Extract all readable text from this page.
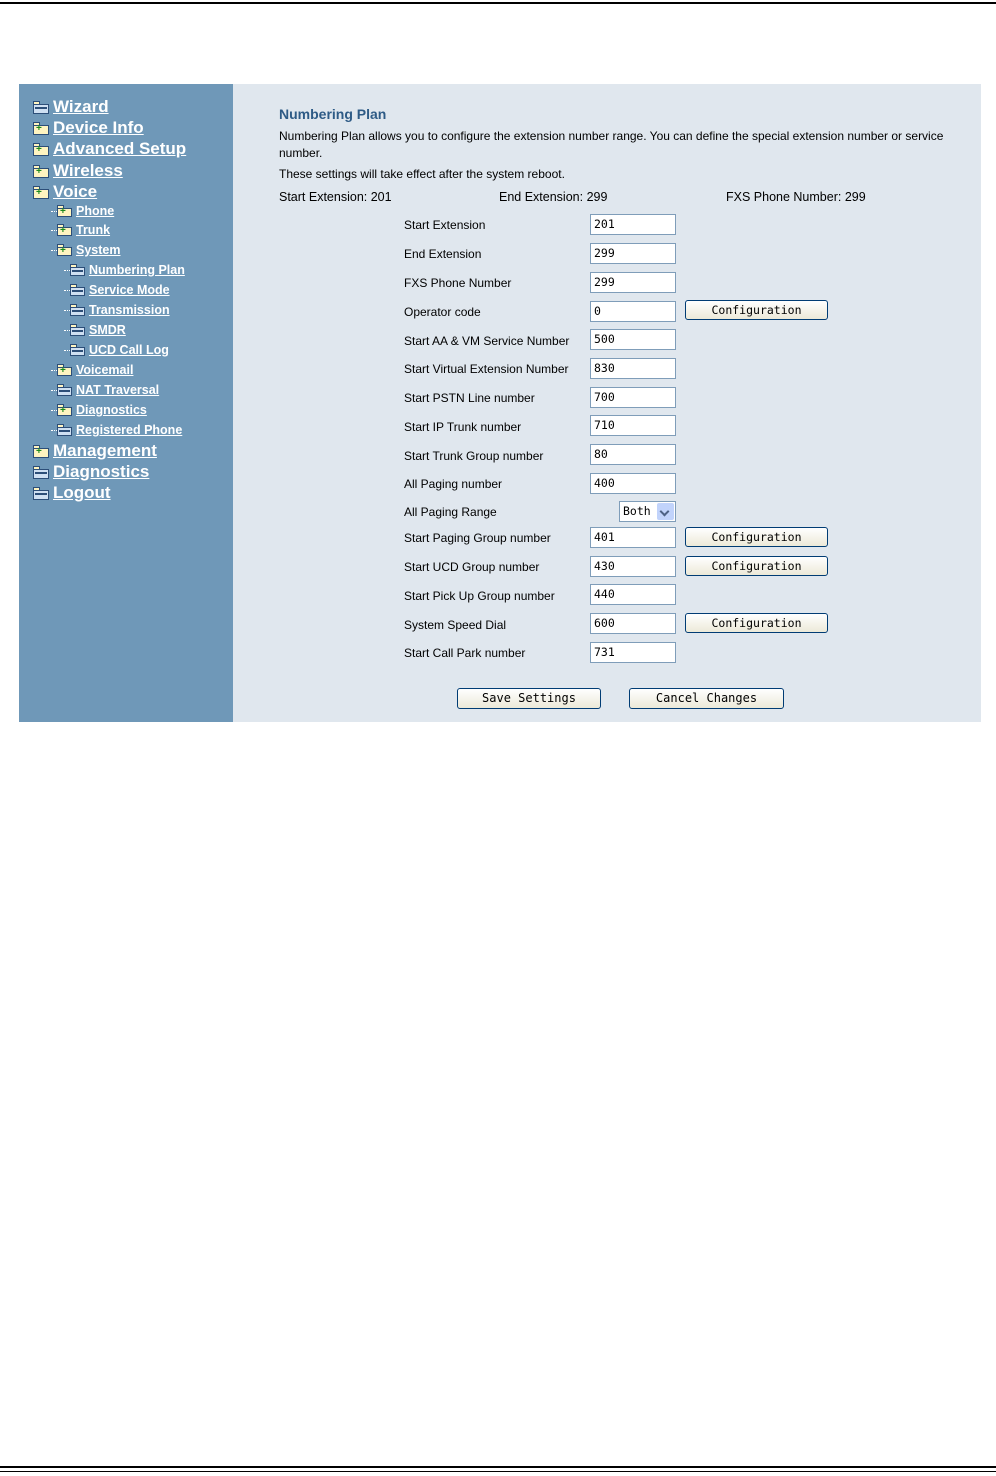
Wizard
+ Device Info
+ Advanced Setup
+ Wireless
+ Voice
+ Phone
+ Trunk
+ System
Numbering Plan
Service Mode
Transmission
SMDR
UCD Call Log
+ Voicemail
NAT Traversal
+ Diagnostics
Registered Phone
+ Management
Diagnostics
Logout
Numbering Plan
Numbering Plan allows you to configure the extension number range. You can define the special extension number or service number.
These settings will take effect after the system reboot.
Start Extension: 201	End Extension: 299	FXS Phone Number: 299
Start Extension	201
End Extension	299
FXS Phone Number	299
Operator code	0	Configuration
Start AA & VM Service Number	500
Start Virtual Extension Number	830
Start PSTN Line number	700
Start IP Trunk number	710
Start Trunk Group number	80
All Paging number	400
All Paging Range	Both
Start Paging Group number	401	Configuration
Start UCD Group number	430	Configuration
Start Pick Up Group number	440
System Speed Dial	600	Configuration
Start Call Park number	731
Save Settings	Cancel Changes
